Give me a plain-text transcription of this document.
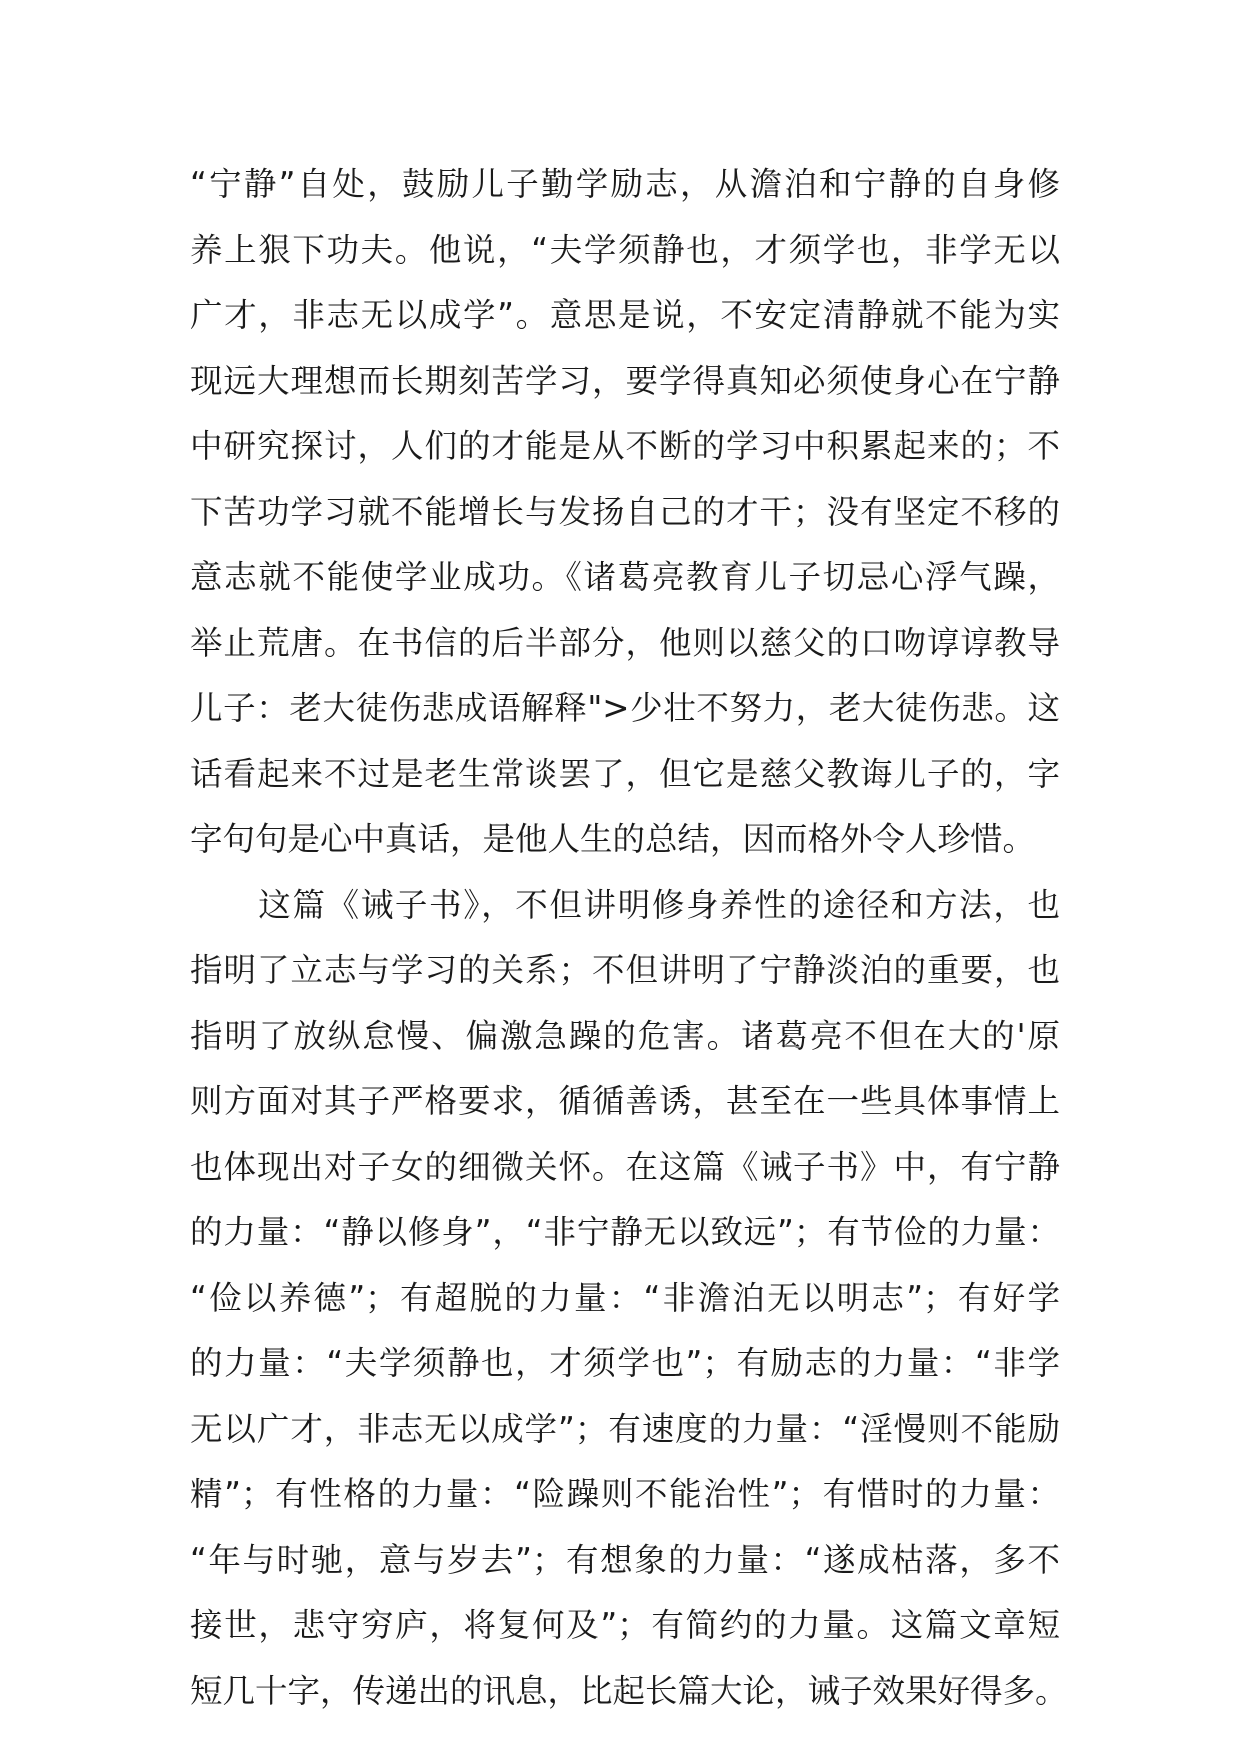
“宁静”自处，鼓励儿子勤学励志，从澹泊和宁静的自身修
养上狠下功夫。他说，“夫学须静也，才须学也，非学无以
广才，非志无以成学”。意思是说，不安定清静就不能为实
现远大理想而长期刻苦学习，要学得真知必须使身心在宁静
中研究探讨，人们的才能是从不断的学习中积累起来的；不
下苦功学习就不能增长与发扬自己的才干；没有坚定不移的
意志就不能使学业成功。《诸葛亮教育儿子切忌心浮气躁，
举止荒唐。在书信的后半部分，他则以慈父的口吻谆谆教导
儿子：老大徒伤悲成语解释">少壮不努力，老大徒伤悲。这
话看起来不过是老生常谈罢了，但它是慈父教诲儿子的，字
字句句是心中真话，是他人生的总结，因而格外令人珍惜。
　　这篇《诫子书》，不但讲明修身养性的途径和方法，也
指明了立志与学习的关系；不但讲明了宁静淡泊的重要，也
指明了放纵怠慢、偏激急躁的危害。诸葛亮不但在大的'原
则方面对其子严格要求，循循善诱，甚至在一些具体事情上
也体现出对子女的细微关怀。在这篇《诫子书》中，有宁静
的力量：“静以修身”，“非宁静无以致远”；有节俭的力量：
“俭以养德”；有超脱的力量：“非澹泊无以明志”；有好学
的力量：“夫学须静也，才须学也”；有励志的力量：“非学
无以广才，非志无以成学”；有速度的力量：“淫慢则不能励
精”；有性格的力量：“险躁则不能治性”；有惜时的力量：
“年与时驰，意与岁去”；有想象的力量：“遂成枯落，多不
接世，悲守穷庐，将复何及”；有简约的力量。这篇文章短
短几十字，传递出的讯息，比起长篇大论，诫子效果好得多。
